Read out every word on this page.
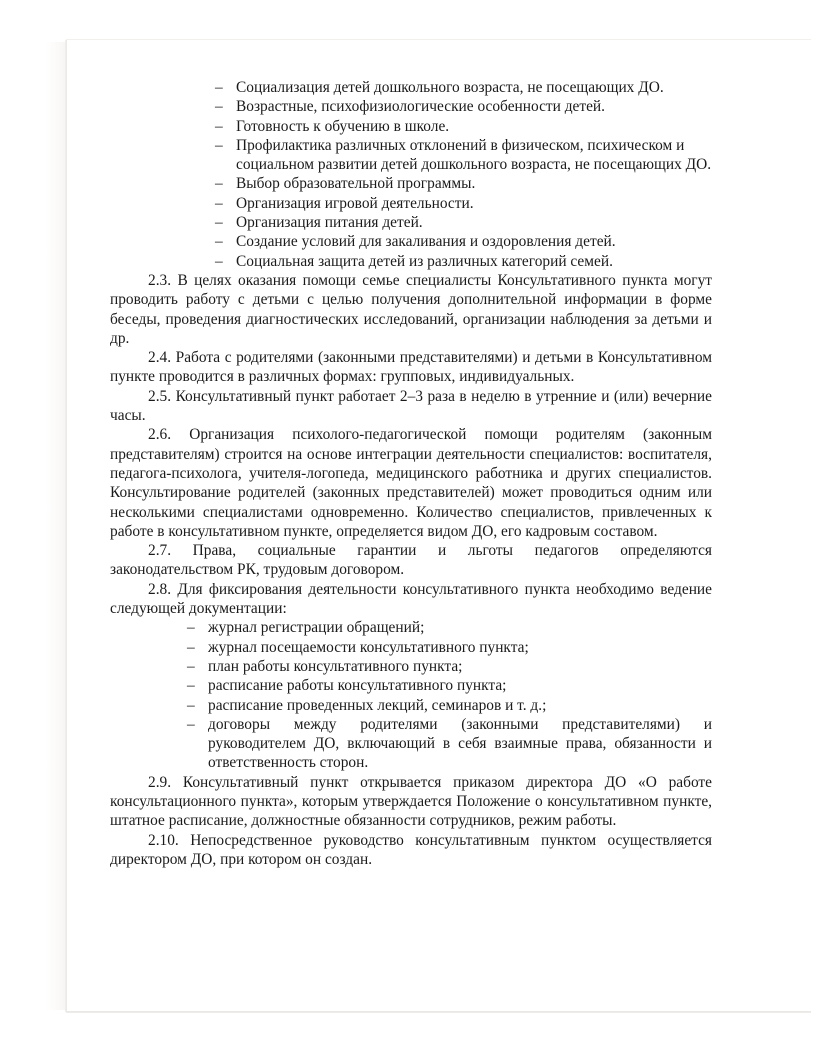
– Социализация детей дошкольного возраста, не посещающих ДО.
– Возрастные, психофизиологические особенности детей.
– Готовность к обучению в школе.
– Профилактика различных отклонений в физическом, психическом и социальном развитии детей дошкольного возраста, не посещающих ДО.
– Выбор образовательной программы.
– Организация игровой деятельности.
– Организация питания детей.
– Создание условий для закаливания и оздоровления детей.
– Социальная защита детей из различных категорий семей.

2.3. В целях оказания помощи семье специалисты Консультативного пункта могут проводить работу с детьми с целью получения дополнительной информации в форме беседы, проведения диагностических исследований, организации наблюдения за детьми и др.

2.4. Работа с родителями (законными представителями) и детьми в Консультативном пункте проводится в различных формах: групповых, индивидуальных.

2.5. Консультативный пункт работает 2–3 раза в неделю в утренние и (или) вечерние часы.

2.6. Организация психолого-педагогической помощи родителям (законным представителям) строится на основе интеграции деятельности специалистов: воспитателя, педагога-психолога, учителя-логопеда, медицинского работника и других специалистов. Консультирование родителей (законных представителей) может проводиться одним или несколькими специалистами одновременно. Количество специалистов, привлеченных к работе в консультативном пункте, определяется видом ДО, его кадровым составом.

2.7. Права, социальные гарантии и льготы педагогов определяются законодательством РК, трудовым договором.

2.8. Для фиксирования деятельности консультативного пункта необходимо ведение следующей документации:

– журнал регистрации обращений;
– журнал посещаемости консультативного пункта;
– план работы консультативного пункта;
– расписание работы консультативного пункта;
– расписание проведенных лекций, семинаров и т. д.;
– договоры между родителями (законными представителями) и руководителем ДО, включающий в себя взаимные права, обязанности и ответственность сторон.

2.9. Консультативный пункт открывается приказом директора ДО «О работе консультационного пункта», которым утверждается Положение о консультативном пункте, штатное расписание, должностные обязанности сотрудников, режим работы.

2.10. Непосредственное руководство консультативным пунктом осуществляется директором ДО, при котором он создан.
